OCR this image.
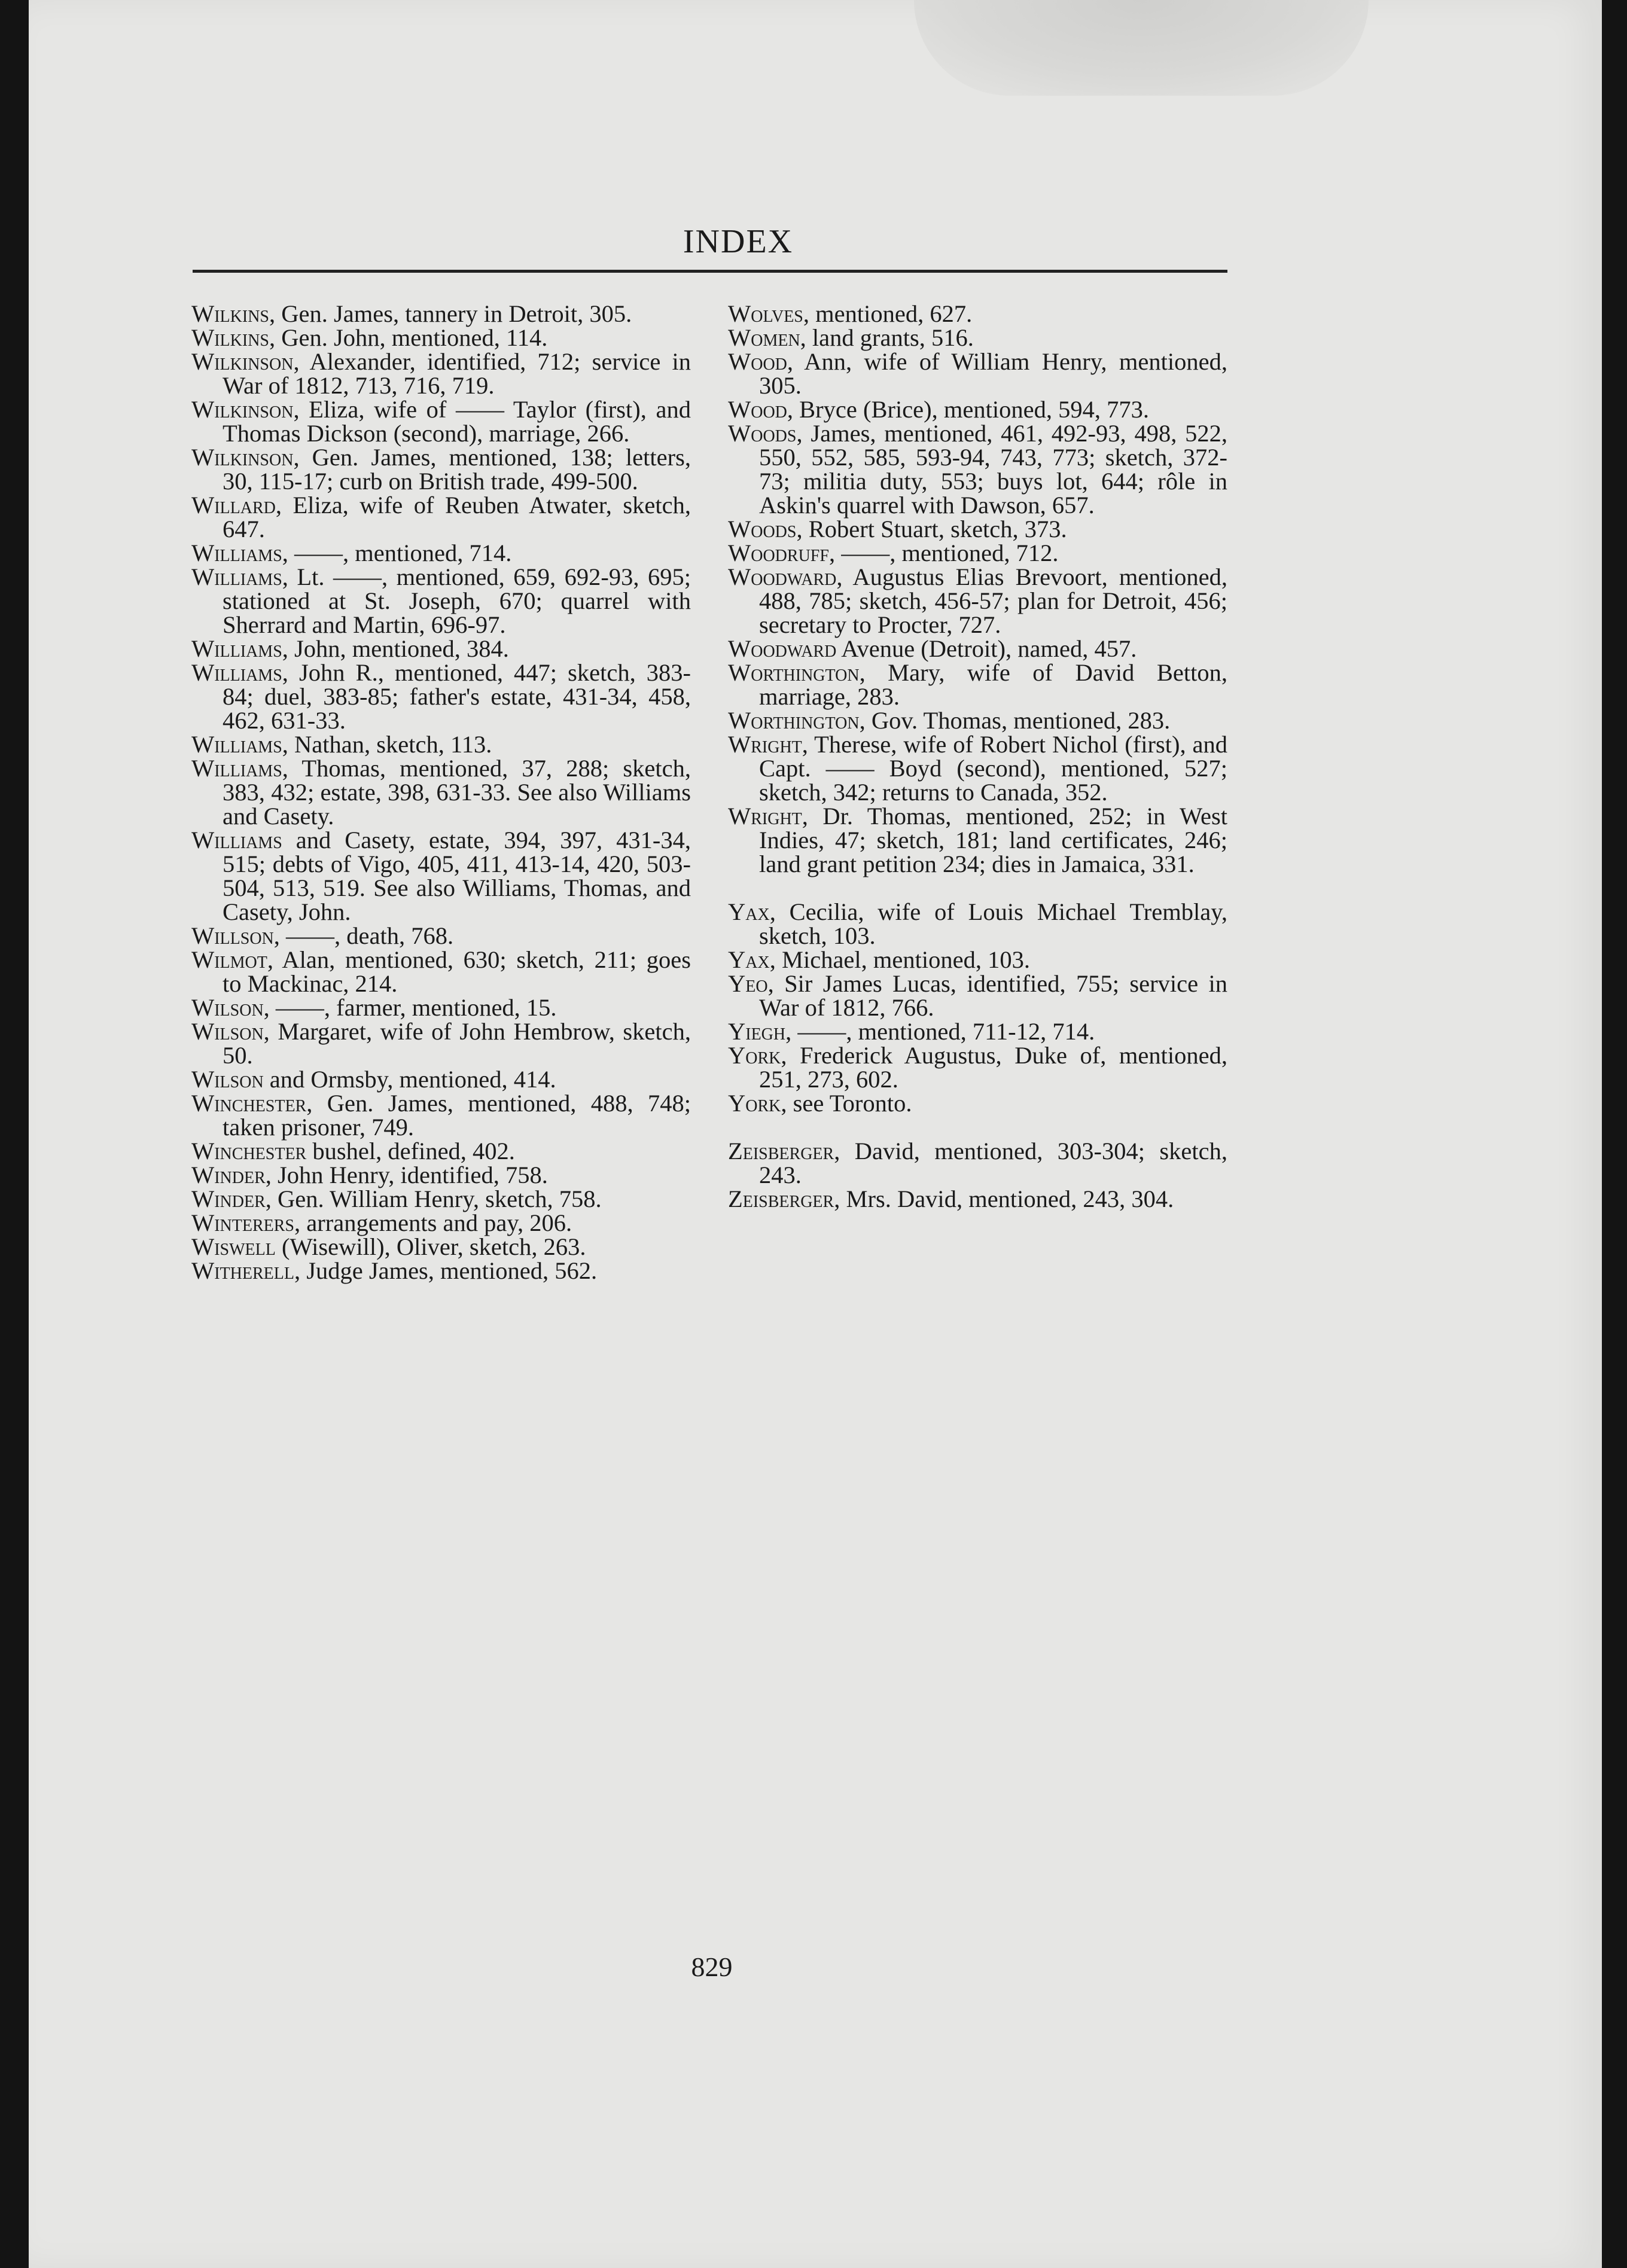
INDEX
Wilkins, Gen. James, tannery in Detroit, 305.
Wilkins, Gen. John, mentioned, 114.
Wilkinson, Alexander, identified, 712; service in War of 1812, 713, 716, 719.
Wilkinson, Eliza, wife of —— Taylor (first), and Thomas Dickson (second), marriage, 266.
Wilkinson, Gen. James, mentioned, 138; letters, 30, 115-17; curb on British trade, 499-500.
Willard, Eliza, wife of Reuben Atwater, sketch, 647.
Williams, ——, mentioned, 714.
Williams, Lt. ——, mentioned, 659, 692-93, 695; stationed at St. Joseph, 670; quarrel with Sherrard and Martin, 696-97.
Williams, John, mentioned, 384.
Williams, John R., mentioned, 447; sketch, 383-84; duel, 383-85; father's estate, 431-34, 458, 462, 631-33.
Williams, Nathan, sketch, 113.
Williams, Thomas, mentioned, 37, 288; sketch, 383, 432; estate, 398, 631-33. See also Williams and Casety.
Williams and Casety, estate, 394, 397, 431-34, 515; debts of Vigo, 405, 411, 413-14, 420, 503-504, 513, 519. See also Williams, Thomas, and Casety, John.
Willson, ——, death, 768.
Wilmot, Alan, mentioned, 630; sketch, 211; goes to Mackinac, 214.
Wilson, ——, farmer, mentioned, 15.
Wilson, Margaret, wife of John Hembrow, sketch, 50.
Wilson and Ormsby, mentioned, 414.
Winchester, Gen. James, mentioned, 488, 748; taken prisoner, 749.
Winchester bushel, defined, 402.
Winder, John Henry, identified, 758.
Winder, Gen. William Henry, sketch, 758.
Winterers, arrangements and pay, 206.
Wiswell (Wisewill), Oliver, sketch, 263.
Witherell, Judge James, mentioned, 562.
Wolves, mentioned, 627.
Women, land grants, 516.
Wood, Ann, wife of William Henry, mentioned, 305.
Wood, Bryce (Brice), mentioned, 594, 773.
Woods, James, mentioned, 461, 492-93, 498, 522, 550, 552, 585, 593-94, 743, 773; sketch, 372-73; militia duty, 553; buys lot, 644; rôle in Askin's quarrel with Dawson, 657.
Woods, Robert Stuart, sketch, 373.
Woodruff, ——, mentioned, 712.
Woodward, Augustus Elias Brevoort, mentioned, 488, 785; sketch, 456-57; plan for Detroit, 456; secretary to Procter, 727.
Woodward Avenue (Detroit), named, 457.
Worthington, Mary, wife of David Betton, marriage, 283.
Worthington, Gov. Thomas, mentioned, 283.
Wright, Therese, wife of Robert Nichol (first), and Capt. —— Boyd (second), mentioned, 527; sketch, 342; returns to Canada, 352.
Wright, Dr. Thomas, mentioned, 252; in West Indies, 47; sketch, 181; land certificates, 246; land grant petition 234; dies in Jamaica, 331.
Yax, Cecilia, wife of Louis Michael Tremblay, sketch, 103.
Yax, Michael, mentioned, 103.
Yeo, Sir James Lucas, identified, 755; service in War of 1812, 766.
Yiegh, ——, mentioned, 711-12, 714.
York, Frederick Augustus, Duke of, mentioned, 251, 273, 602.
York, see Toronto.
Zeisberger, David, mentioned, 303-304; sketch, 243.
Zeisberger, Mrs. David, mentioned, 243, 304.
829
